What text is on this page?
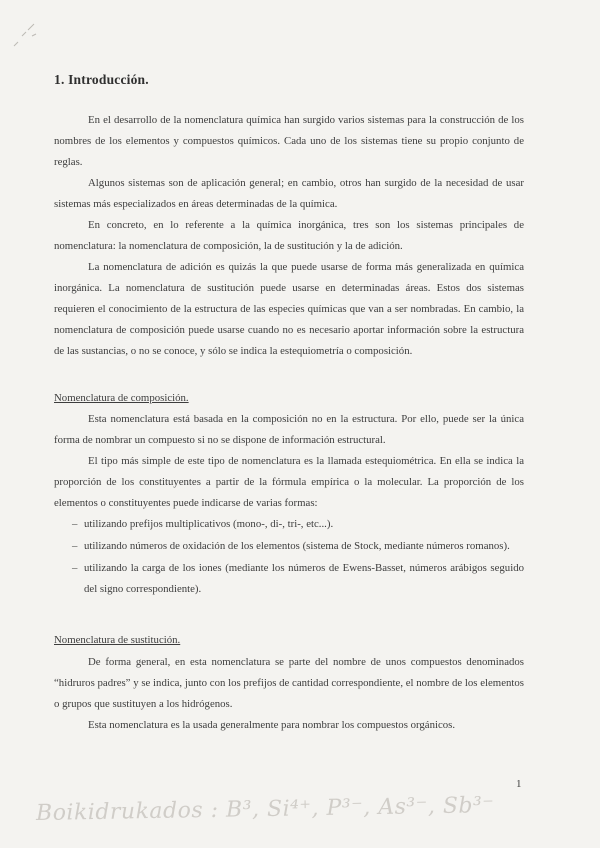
1. Introducción.

En el desarrollo de la nomenclatura química han surgido varios sistemas para la construcción de los nombres de los elementos y compuestos químicos. Cada uno de los sistemas tiene su propio conjunto de reglas.

Algunos sistemas son de aplicación general; en cambio, otros han surgido de la necesidad de usar sistemas más especializados en áreas determinadas de la química.

En concreto, en lo referente a la química inorgánica, tres son los sistemas principales de nomenclatura: la nomenclatura de composición, la de sustitución y la de adición.

La nomenclatura de adición es quizás la que puede usarse de forma más generalizada en química inorgánica. La nomenclatura de sustitución puede usarse en determinadas áreas. Estos dos sistemas requieren el conocimiento de la estructura de las especies químicas que van a ser nombradas. En cambio, la nomenclatura de composición puede usarse cuando no es necesario aportar información sobre la estructura de las sustancias, o no se conoce, y sólo se indica la estequiometría o composición.

Nomenclatura de composición.

Esta nomenclatura está basada en la composición no en la estructura. Por ello, puede ser la única forma de nombrar un compuesto si no se dispone de información estructural.

El tipo más simple de este tipo de nomenclatura es la llamada estequiométrica. En ella se indica la proporción de los constituyentes a partir de la fórmula empírica o la molecular. La proporción de los elementos o constituyentes puede indicarse de varias formas:

– utilizando prefijos multiplicativos (mono-, di-, tri-, etc...).
– utilizando números de oxidación de los elementos (sistema de Stock, mediante números romanos).
– utilizando la carga de los iones (mediante los números de Ewens-Basset, números arábigos seguido del signo correspondiente).

Nomenclatura de sustitución.

De forma general, en esta nomenclatura se parte del nombre de unos compuestos denominados “hidruros padres” y se indica, junto con los prefijos de cantidad correspondiente, el nombre de los elementos o grupos que sustituyen a los hidrógenos.

Esta nomenclatura es la usada generalmente para nombrar los compuestos orgánicos.

1
Boikidrukados : B³, Si⁴⁺, P³⁻, As³⁻, Sb³⁻
